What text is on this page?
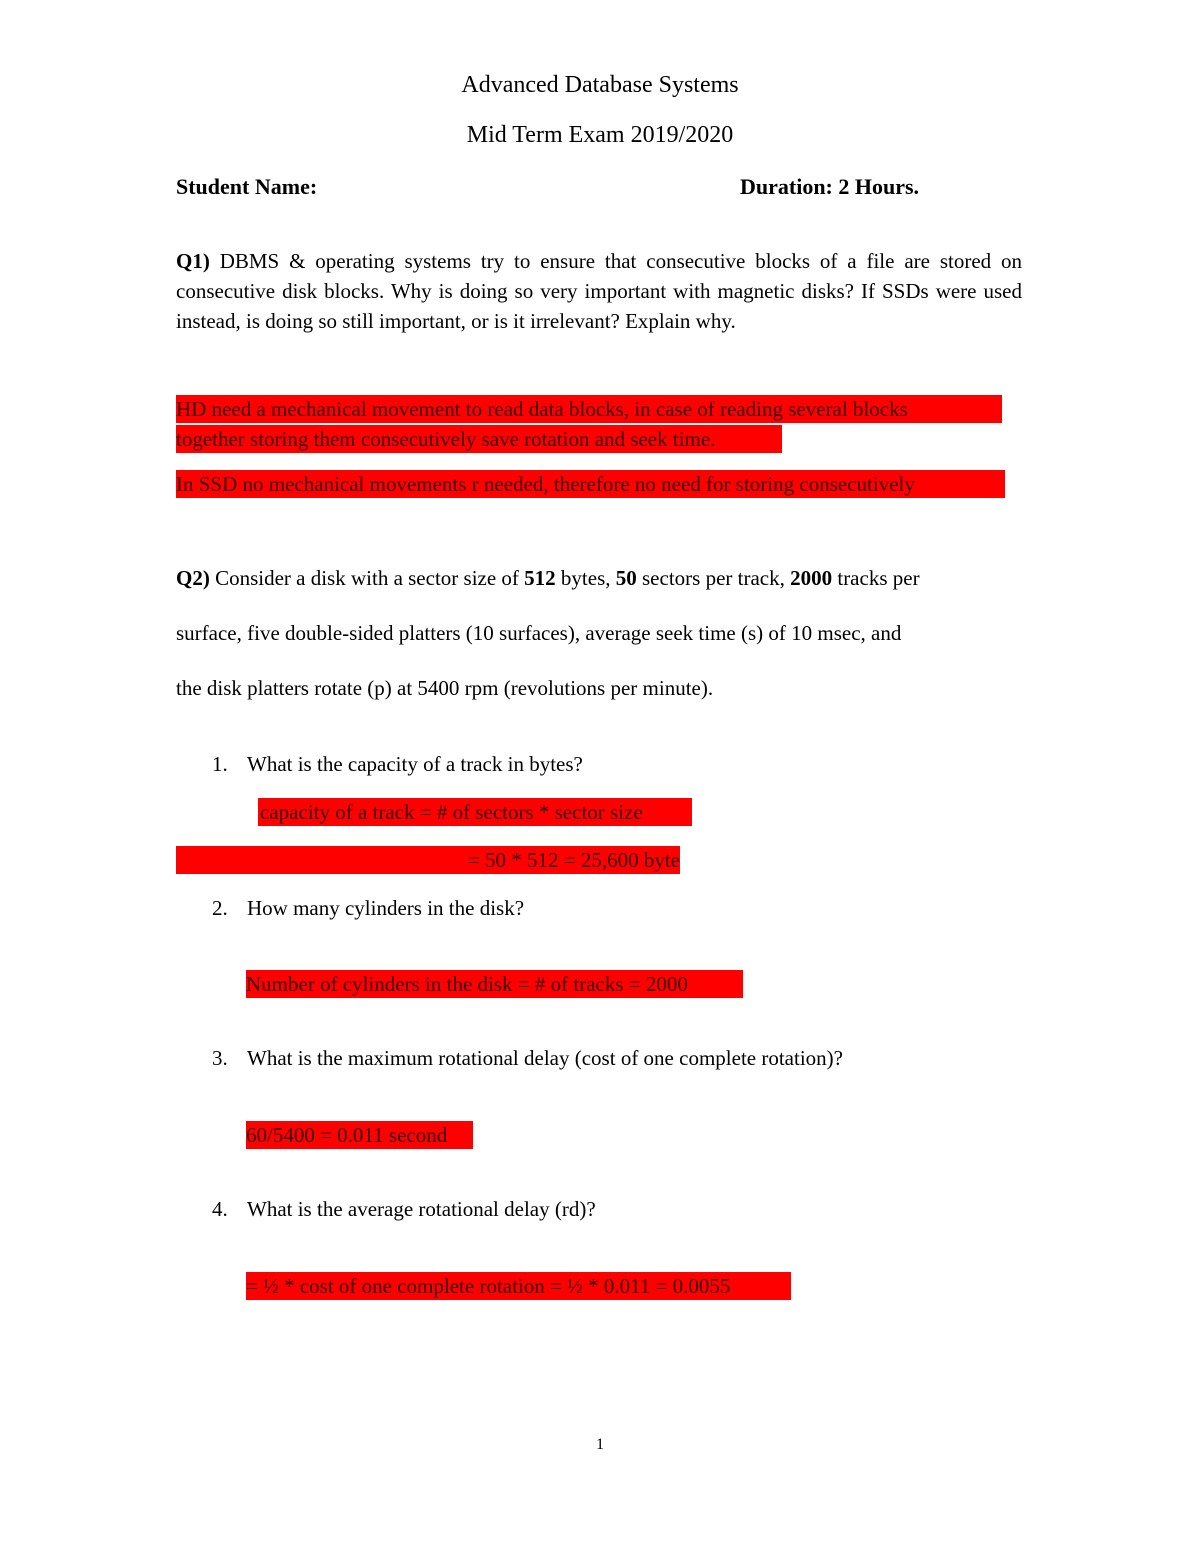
Advanced Database Systems
Mid Term Exam 2019/2020
Student Name:	Duration: 2 Hours.
Q1) DBMS & operating systems try to ensure that consecutive blocks of a file are stored on consecutive disk blocks. Why is doing so very important with magnetic disks? If SSDs were used instead, is doing so still important, or is it irrelevant? Explain why.
HD need a mechanical movement to read data blocks, in case of reading several blocks
together storing them consecutively save rotation and seek time.
In SSD no mechanical movements r needed, therefore no need for storing consecutively
Q2) Consider a disk with a sector size of 512 bytes, 50 sectors per track, 2000 tracks per
surface, five double-sided platters (10 surfaces), average seek time (s) of 10 msec, and
the disk platters rotate (p) at 5400 rpm (revolutions per minute).
1. What is the capacity of a track in bytes?
capacity of a track = # of sectors * sector size
= 50 * 512 = 25,600 byte
2. How many cylinders in the disk?
Number of cylinders in the disk = # of tracks = 2000
3. What is the maximum rotational delay (cost of one complete rotation)?
60/5400 = 0.011 second
4. What is the average rotational delay (rd)?
= ½ * cost of one complete rotation = ½ * 0.011 = 0.0055
1
